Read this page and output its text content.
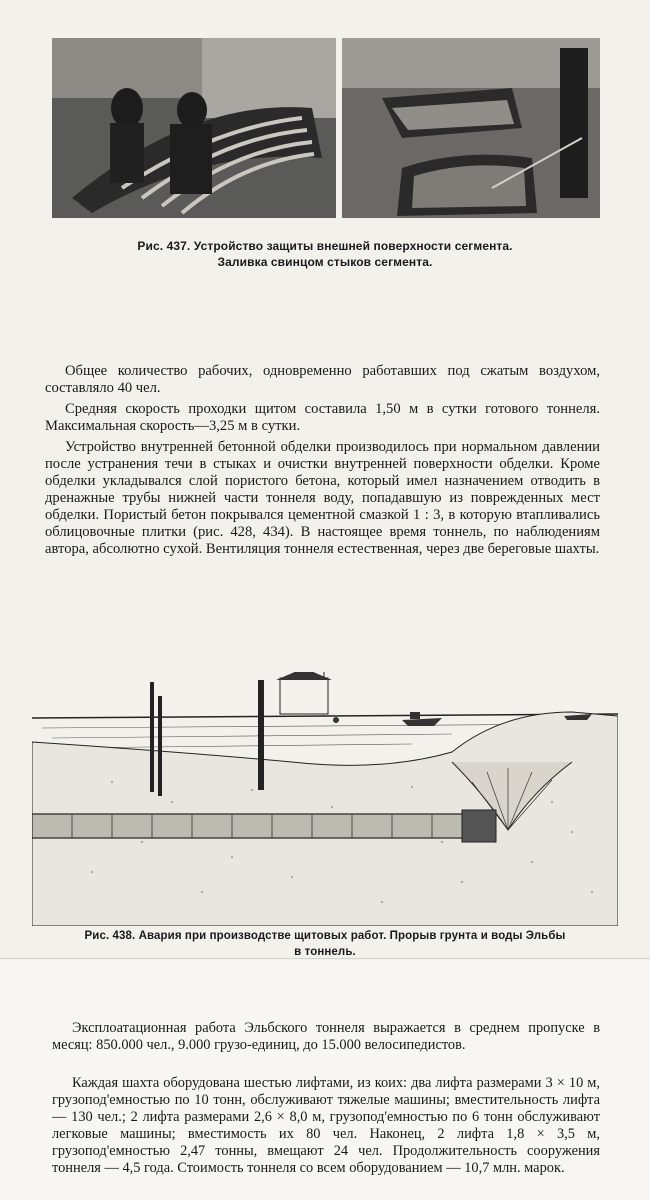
Рис. 437. Устройство защиты внешней поверхности сегмента.
Заливка свинцом стыков сегмента.

Общее количество рабочих, одновременно работавших под сжатым воздухом, составляло 40 чел.

Средняя скорость проходки щитом составила 1,50 м в сутки готового тоннеля. Максимальная скорость—3,25 м в сутки.

Устройство внутренней бетонной обделки производилось при нормальном давлении после устранения течи в стыках и очистки внутренней поверхности обделки. Кроме обделки укладывался слой пористого бетона, который имел назначением отводить в дренажные трубы нижней части тоннеля воду, попадавшую из поврежденных мест обделки. Пористый бетон покрывался цементной смазкой 1 : 3, в которую втапливались облицовочные плитки (рис. 428, 434). В настоящее время тоннель, по наблюдениям автора, абсолютно сухой. Вентиляция тоннеля естественная, через две береговые шахты.

Рис. 438. Авария при производстве щитовых работ. Прорыв грунта и воды Эльбы
в тоннель.

Эксплоатационная работа Эльбского тоннеля выражается в среднем пропуске в месяц: 850.000 чел., 9.000 грузо-единиц, до 15.000 велосипедистов.

Каждая шахта оборудована шестью лифтами, из коих: два лифта размерами 3 × 10 м, грузопод'емностью по 10 тонн, обслуживают тяжелые машины; вместительность лифта — 130 чел.; 2 лифта размерами 2,6 × 8,0 м, грузопод'емностью по 6 тонн обслуживают легковые машины; вместимость их 80 чел. Наконец, 2 лифта 1,8 × 3,5 м, грузопод'емностью 2,47 тонны, вмещают 24 чел. Продолжительность сооружения тоннеля — 4,5 года. Стоимость тоннеля со всем оборудованием — 10,7 млн. марок.
